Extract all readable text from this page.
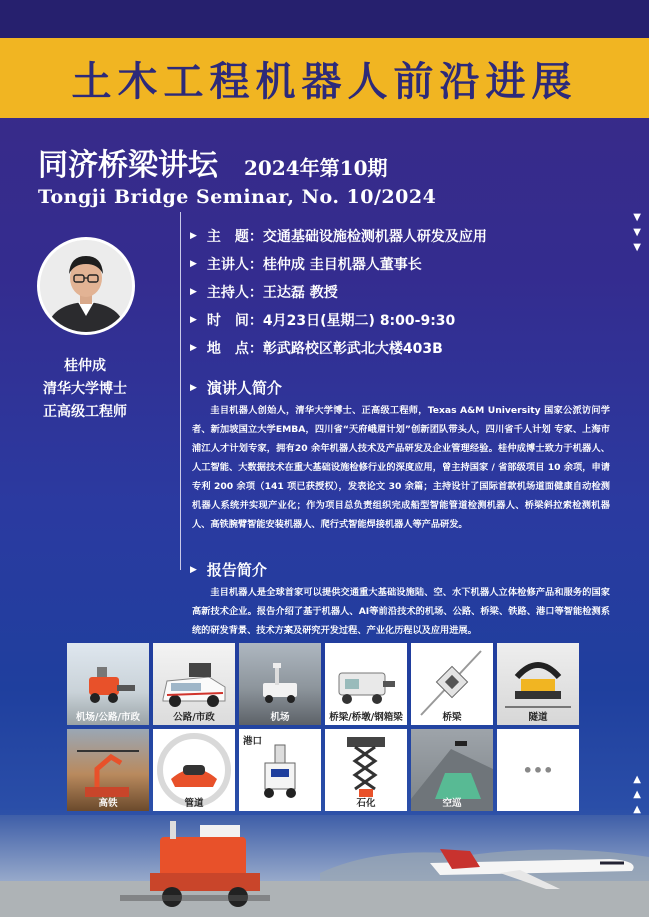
土木工程机器人前沿进展
同济桥梁讲坛 2024年第10期
Tongji Bridge Seminar, No. 10/2024
▼
▼
▼
▲
▲
▲
桂仲成
清华大学博士
正高级工程师
▶ 主　题： 交通基础设施检测机器人研发及应用
▶ 主讲人： 桂仲成 圭目机器人董事长
▶ 主持人： 王达磊 教授
▶ 时　间： 4月23日(星期二) 8:00-9:30
▶ 地　点： 彰武路校区彰武北大楼403B
▶ 演讲人简介

圭目机器人创始人，清华大学博士、正高级工程师，Texas A&M University 国家公派访问学者、新加坡国立大学EMBA，四川省“天府峨眉计划”创新团队带头人，四川省千人计划 专家、上海市浦江人才计划专家，拥有20 余年机器人技术及产品研发及企业管理经验。桂仲成博士致力于机器人、人工智能、大数据技术在重大基础设施检修行业的深度应用，曾主持国家 / 省部级项目 10 余项，申请专利 200 余项（141 项已获授权），发表论文 30 余篇；主持设计了国际首款机场道面健康自动检测机器人系统并实现产业化；作为项目总负责组织完成船型智能管道检测机器人、桥梁斜拉索检测机器人、高铁腕臂智能安装机器人、爬行式智能焊接机器人等产品研发。

▶ 报告简介

圭目机器人是全球首家可以提供交通重大基础设施陆、空、水下机器人立体检修产品和服务的国家高新技术企业。报告介绍了基于机器人、AI等前沿技术的机场、公路、桥梁、铁路、港口等智能检测系统的研发背景、技术方案及研究开发过程、产业化历程以及应用进展。

机场/公路/市政	公路/市政	机场	桥梁/桥墩/钢箱梁	桥梁	隧道
高铁	管道
港口
石化	空巡
•••
